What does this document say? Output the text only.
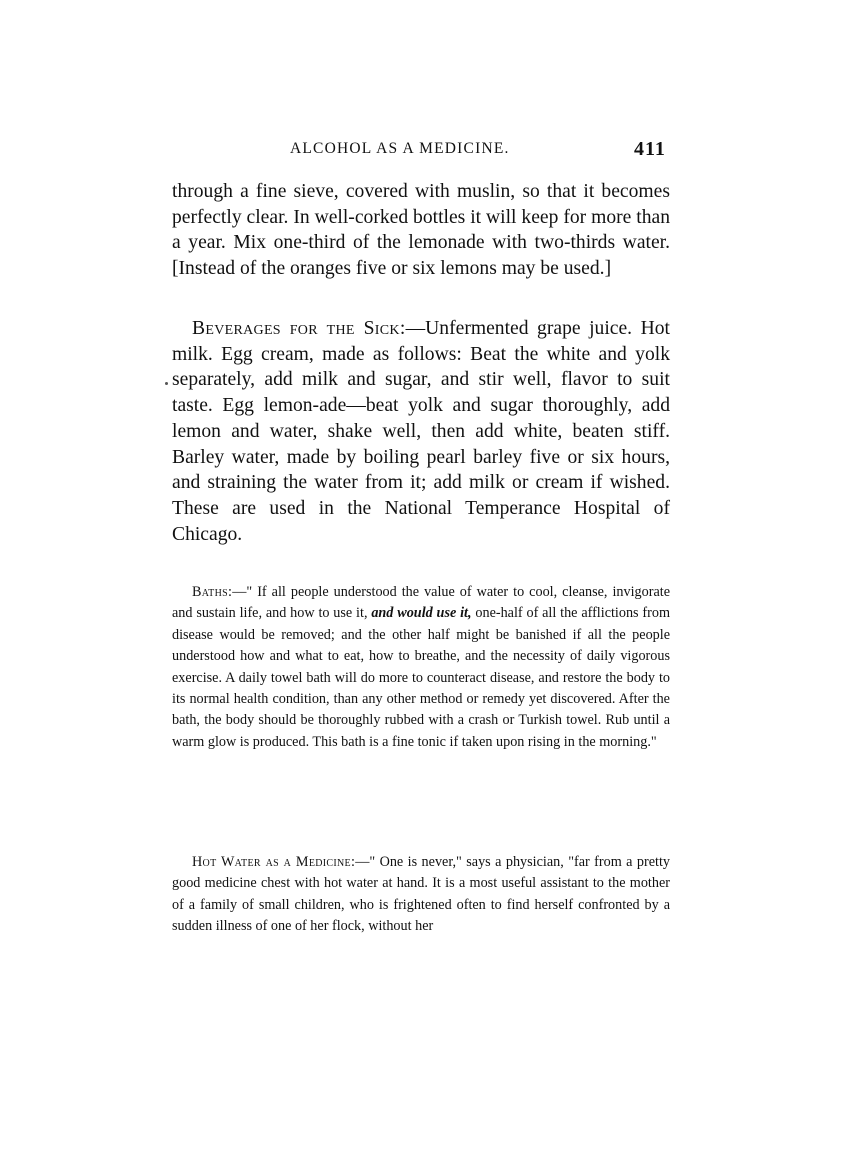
ALCOHOL AS A MEDICINE.	411

through a fine sieve, covered with muslin, so that it becomes perfectly clear. In well-corked bottles it will keep for more than a year. Mix one-third of the lemonade with two-thirds water. [Instead of the oranges five or six lemons may be used.]

Beverages for the Sick:—Unfermented grape juice. Hot milk. Egg cream, made as follows: Beat the white and yolk separately, add milk and sugar, and stir well, flavor to suit taste. Egg lemon-ade—beat yolk and sugar thoroughly, add lemon and water, shake well, then add white, beaten stiff. Barley water, made by boiling pearl barley five or six hours, and straining the water from it; add milk or cream if wished. These are used in the National Temperance Hospital of Chicago.

Baths:—" If all people understood the value of water to cool, cleanse, invigorate and sustain life, and how to use it, and would use it, one-half of all the afflictions from disease would be removed; and the other half might be banished if all the people understood how and what to eat, how to breathe, and the necessity of daily vigorous exercise. A daily towel bath will do more to counteract disease, and restore the body to its normal health condition, than any other method or remedy yet discovered. After the bath, the body should be thoroughly rubbed with a crash or Turkish towel. Rub until a warm glow is produced. This bath is a fine tonic if taken upon rising in the morning."

Hot Water as a Medicine:—" One is never," says a physician, "far from a pretty good medicine chest with hot water at hand. It is a most useful assistant to the mother of a family of small children, who is frightened often to find herself confronted by a sudden illness of one of her flock, without her
